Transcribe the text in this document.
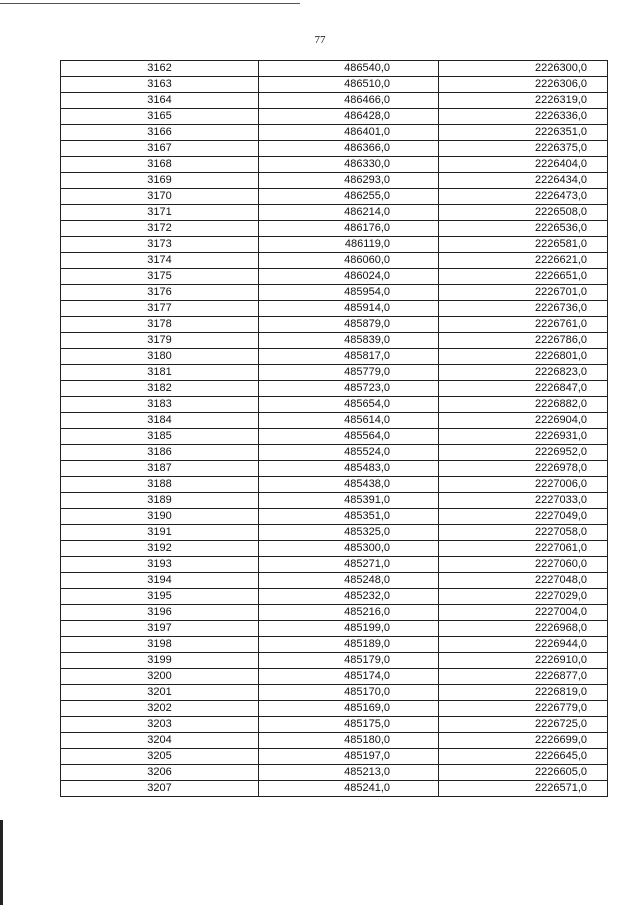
77
3162	486540,0	2226300,0
3163	486510,0	2226306,0
3164	486466,0	2226319,0
3165	486428,0	2226336,0
3166	486401,0	2226351,0
3167	486366,0	2226375,0
3168	486330,0	2226404,0
3169	486293,0	2226434,0
3170	486255,0	2226473,0
3171	486214,0	2226508,0
3172	486176,0	2226536,0
3173	486119,0	2226581,0
3174	486060,0	2226621,0
3175	486024,0	2226651,0
3176	485954,0	2226701,0
3177	485914,0	2226736,0
3178	485879,0	2226761,0
3179	485839,0	2226786,0
3180	485817,0	2226801,0
3181	485779,0	2226823,0
3182	485723,0	2226847,0
3183	485654,0	2226882,0
3184	485614,0	2226904,0
3185	485564,0	2226931,0
3186	485524,0	2226952,0
3187	485483,0	2226978,0
3188	485438,0	2227006,0
3189	485391,0	2227033,0
3190	485351,0	2227049,0
3191	485325,0	2227058,0
3192	485300,0	2227061,0
3193	485271,0	2227060,0
3194	485248,0	2227048,0
3195	485232,0	2227029,0
3196	485216,0	2227004,0
3197	485199,0	2226968,0
3198	485189,0	2226944,0
3199	485179,0	2226910,0
3200	485174,0	2226877,0
3201	485170,0	2226819,0
3202	485169,0	2226779,0
3203	485175,0	2226725,0
3204	485180,0	2226699,0
3205	485197,0	2226645,0
3206	485213,0	2226605,0
3207	485241,0	2226571,0
